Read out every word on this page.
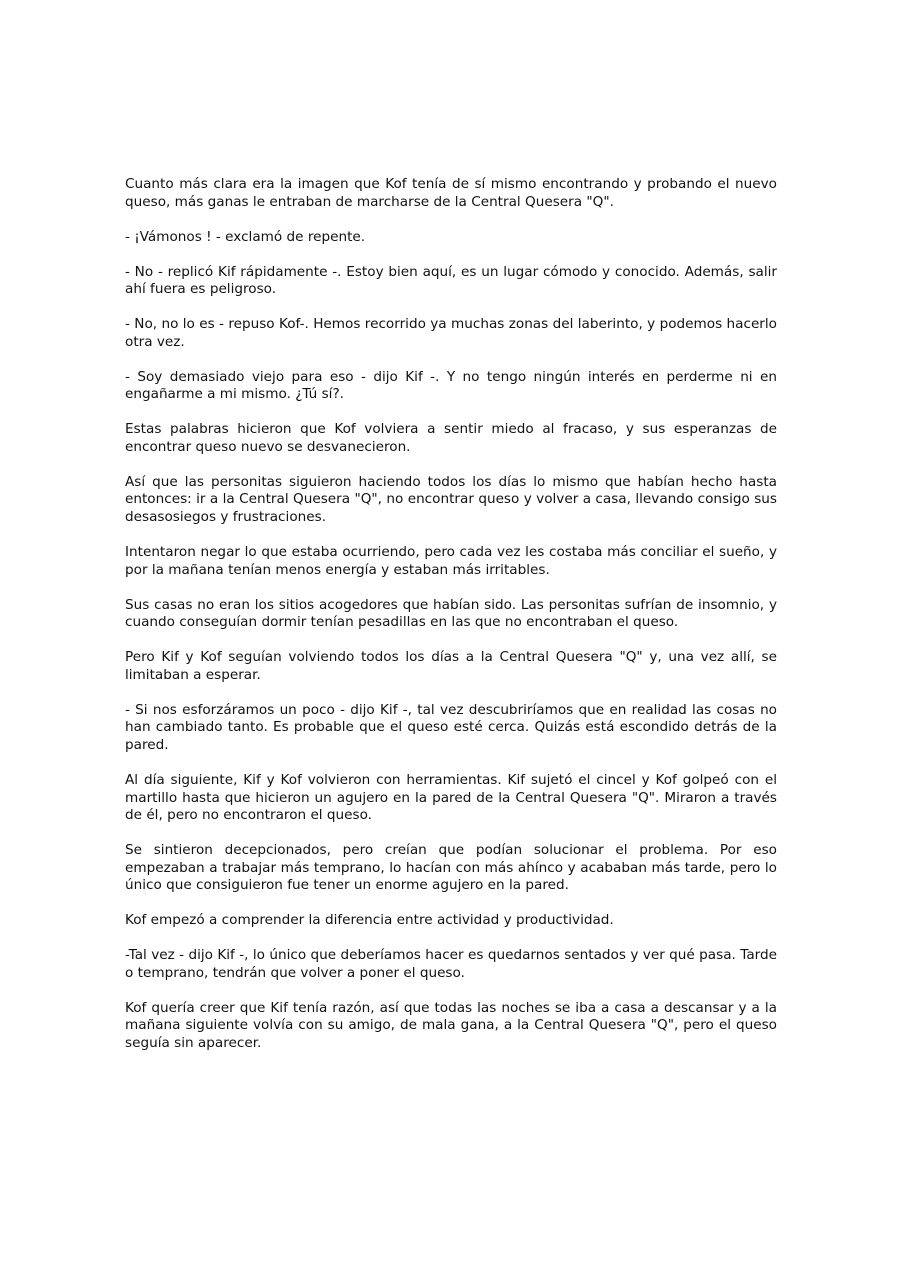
Cuanto más clara era la imagen que Kof tenía de sí mismo encontrando y probando el nuevo queso, más ganas le entraban de marcharse de la Central Quesera "Q".

- ¡Vámonos ! - exclamó de repente.

- No - replicó Kif rápidamente -. Estoy bien aquí, es un lugar cómodo y conocido. Además, salir ahí fuera es peligroso.

- No, no lo es - repuso Kof-. Hemos recorrido ya muchas zonas del laberinto, y podemos hacerlo otra vez.

- Soy demasiado viejo para eso - dijo Kif -. Y no tengo ningún interés en perderme ni en engañarme a mi mismo. ¿Tú sí?.

Estas palabras hicieron que Kof volviera a sentir miedo al fracaso, y sus esperanzas de encontrar queso nuevo se desvanecieron.

Así que las personitas siguieron haciendo todos los días lo mismo que habían hecho hasta entonces: ir a la Central Quesera "Q", no encontrar queso y volver a casa, llevando consigo sus desasosiegos y frustraciones.

Intentaron negar lo que estaba ocurriendo, pero cada vez les costaba más conciliar el sueño, y por la mañana tenían menos energía y estaban más irritables.

Sus casas no eran los sitios acogedores que habían sido. Las personitas sufrían de insomnio, y cuando conseguían dormir tenían pesadillas en las que no encontraban el queso.

Pero Kif y Kof seguían volviendo todos los días a la Central Quesera "Q" y, una vez allí, se limitaban a esperar.

- Si nos esforzáramos un poco - dijo Kif -, tal vez descubriríamos que en realidad las cosas no han cambiado tanto. Es probable que el queso esté cerca. Quizás está escondido detrás de la pared.

Al día siguiente, Kif y Kof volvieron con herramientas. Kif sujetó el cincel y Kof golpeó con el martillo hasta que hicieron un agujero en la pared de la Central Quesera "Q". Miraron a través de él, pero no encontraron el queso.

Se sintieron decepcionados, pero creían que podían solucionar el problema. Por eso empezaban a trabajar más temprano, lo hacían con más ahínco y acababan más tarde, pero lo único que consiguieron fue tener un enorme agujero en la pared.

Kof empezó a comprender la diferencia entre actividad y productividad.

-Tal vez - dijo Kif -, lo único que deberíamos hacer es quedarnos sentados y ver qué pasa. Tarde o temprano, tendrán que volver a poner el queso.

Kof quería creer que Kif tenía razón, así que todas las noches se iba a casa a descansar y a la mañana siguiente volvía con su amigo, de mala gana, a la Central Quesera "Q", pero el queso seguía sin aparecer.
